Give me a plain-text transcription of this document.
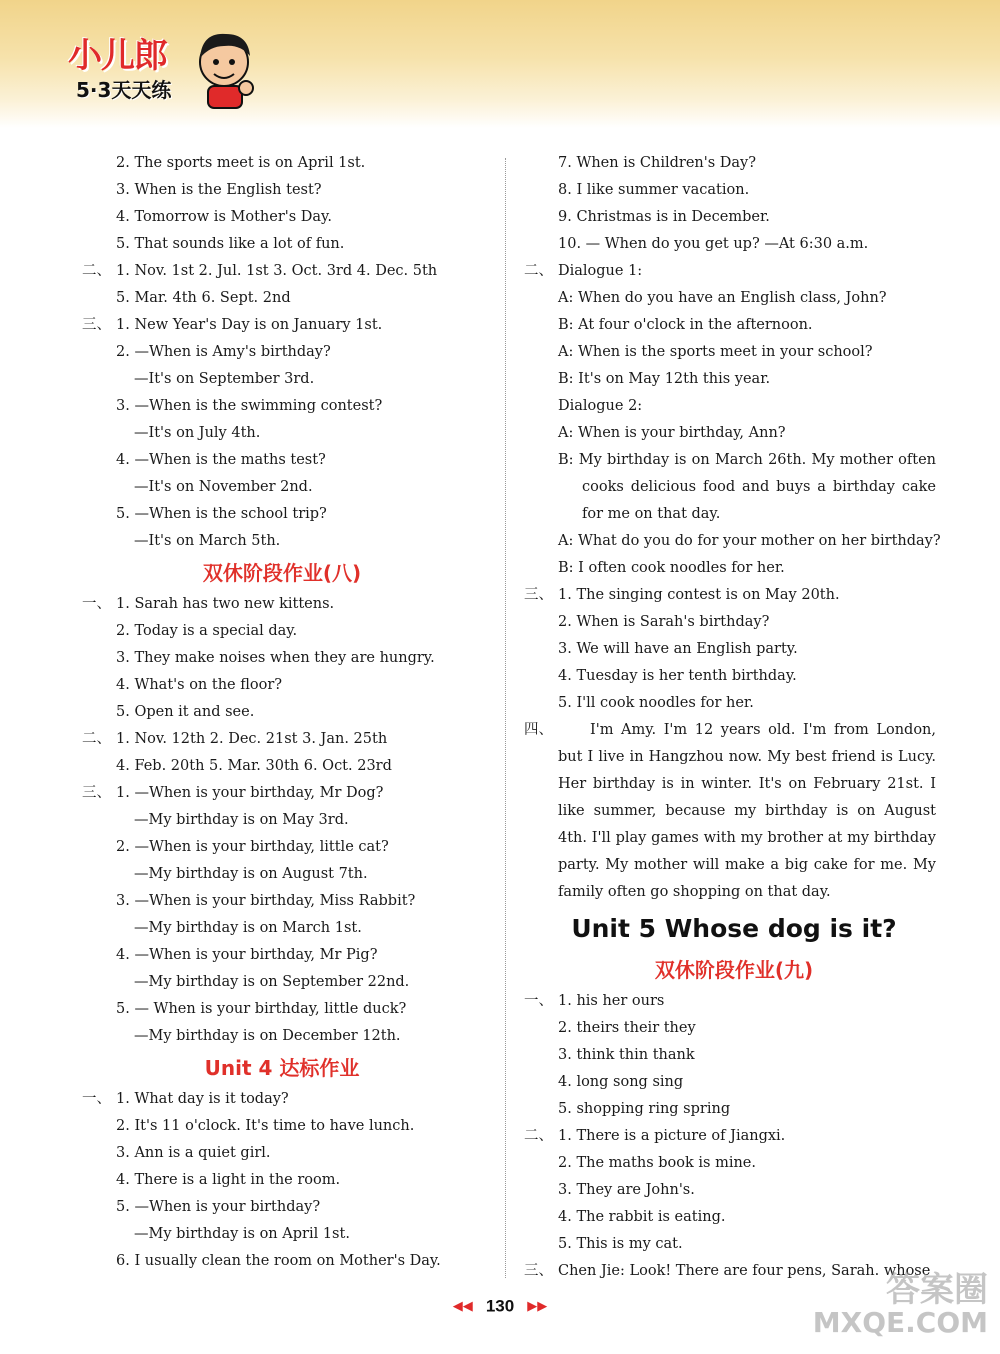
小儿郎
5·3天天练
2. The sports meet is on April 1st.
3. When is the English test?
4. Tomorrow is Mother's Day.
5. That sounds like a lot of fun.
二、 1. Nov. 1st 2. Jul. 1st 3. Oct. 3rd 4. Dec. 5th
5. Mar. 4th 6. Sept. 2nd
三、 1. New Year's Day is on January 1st.
2. —When is Amy's birthday?
—It's on September 3rd.
3. —When is the swimming contest?
—It's on July 4th.
4. —When is the maths test?
—It's on November 2nd.
5. —When is the school trip?
—It's on March 5th.
双休阶段作业(八)
一、 1. Sarah has two new kittens.
2. Today is a special day.
3. They make noises when they are hungry.
4. What's on the floor?
5. Open it and see.
二、 1. Nov. 12th 2. Dec. 21st 3. Jan. 25th
4. Feb. 20th 5. Mar. 30th 6. Oct. 23rd
三、 1. —When is your birthday, Mr Dog?
—My birthday is on May 3rd.
2. —When is your birthday, little cat?
—My birthday is on August 7th.
3. —When is your birthday, Miss Rabbit?
—My birthday is on March 1st.
4. —When is your birthday, Mr Pig?
—My birthday is on September 22nd.
5. — When is your birthday, little duck?
—My birthday is on December 12th.
Unit 4 达标作业
一、 1. What day is it today?
2. It's 11 o'clock. It's time to have lunch.
3. Ann is a quiet girl.
4. There is a light in the room.
5. —When is your birthday?
—My birthday is on April 1st.
6. I usually clean the room on Mother's Day.
7. When is Children's Day?
8. I like summer vacation.
9. Christmas is in December.
10. — When do you get up? —At 6:30 a.m.
二、 Dialogue 1:
A: When do you have an English class, John?
B: At four o'clock in the afternoon.
A: When is the sports meet in your school?
B: It's on May 12th this year.
Dialogue 2:
A: When is your birthday, Ann?
B: My birthday is on March 26th. My mother often cooks delicious food and buys a birthday cake for me on that day.
A: What do you do for your mother on her birthday?
B: I often cook noodles for her.
三、 1. The singing contest is on May 20th.
2. When is Sarah's birthday?
3. We will have an English party.
4. Tuesday is her tenth birthday.
5. I'll cook noodles for her.
四、	I'm Amy. I'm 12 years old. I'm from London, but I live in Hangzhou now. My best friend is Lucy. Her birthday is in winter. It's on February 21st. I like summer, because my birthday is on August 4th. I'll play games with my brother at my birthday party. My mother will make a big cake for me. My family often go shopping on that day.
Unit 5 Whose dog is it?
双休阶段作业(九)
一、 1. his her ours
2. theirs their they
3. think thin thank
4. long song sing
5. shopping ring spring
二、 1. There is a picture of Jiangxi.
2. The maths book is mine.
3. They are John's.
4. The rabbit is eating.
5. This is my cat.
三、 Chen Jie: Look! There are four pens, Sarah. whose
◀◀ 130 ▶▶	答案圈
MXQE.COM
